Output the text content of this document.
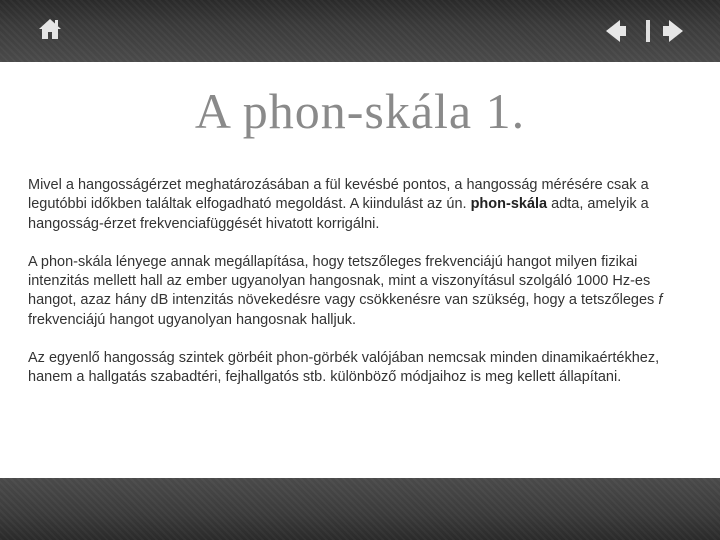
A phon-skála 1.

Mivel a hangosságérzet meghatározásában a fül kevésbé pontos, a hangosság mérésére csak a legutóbbi időkben találtak elfogadható megoldást. A kiindulást az ún. phon-skála adta, amelyik a hangosság-érzet frekvenciafüggését hivatott korrigálni.

A phon-skála lényege annak megállapítása, hogy tetszőleges frekvenciájú hangot milyen fizikai intenzitás mellett hall az ember ugyanolyan hangosnak, mint a viszonyításul szolgáló 1000 Hz-es hangot, azaz hány dB intenzitás növekedésre vagy csökkenésre van szükség, hogy a tetszőleges f frekvenciájú hangot ugyanolyan hangosnak halljuk.

Az egyenlő hangosság szintek görbéit phon-görbék valójában nemcsak minden dinamikaértékhez, hanem a hallgatás szabadtéri, fejhallgatós stb. különböző módjaihoz is meg kellett állapítani.
